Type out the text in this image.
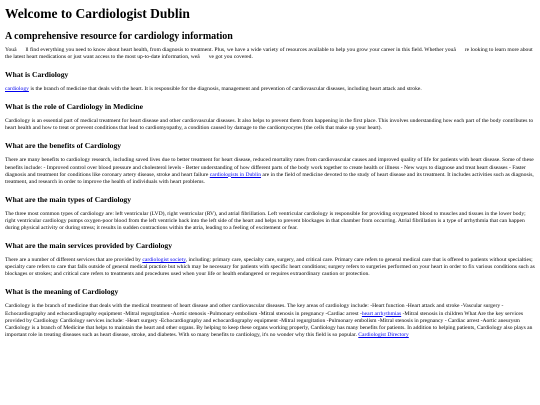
Welcome to Cardiologist Dublin
A comprehensive resource for cardiology information

Youâll find everything you need to know about heart health, from diagnosis to treatment. Plus, we have a wide variety of resources available to help you grow your career in this field. Whether youâre looking to learn more about the latest heart medications or just want access to the most up-to-date information, weâve got you covered.

What is Cardiology

cardiology is the branch of medicine that deals with the heart. It is responsible for the diagnosis, management and prevention of cardiovascular diseases, including heart attack and stroke.

What is the role of Cardiology in Medicine

Cardiology is an essential part of medical treatment for heart disease and other cardiovascular diseases. It also helps to prevent them from happening in the first place. This involves understanding how each part of the body contributes to heart health and how to treat or prevent conditions that lead to cardiomyopathy, a condition caused by damage to the cardiomyocytes (the cells that make up your heart).

What are the benefits of Cardiology

There are many benefits to cardiology research, including saved lives due to better treatment for heart disease, reduced mortality rates from cardiovascular causes and improved quality of life for patients with heart disease. Some of these benefits include: - Improved control over blood pressure and cholesterol levels - Better understanding of how different parts of the body work together to create health or illness - New ways to diagnose and treat heart diseases - Faster diagnosis and treatment for conditions like coronary artery disease, stroke and heart failure cardiologists in Dublin are in the field of medicine devoted to the study of heart disease and its treatment. It includes activities such as diagnosis, treatment, and research in order to improve the health of individuals with heart problems.

What are the main types of Cardiology

The three most common types of cardiology are: left ventricular (LVD), right ventricular (RV), and atrial fibrillation. Left ventricular cardiology is responsible for providing oxygenated blood to muscles and tissues in the lower body; right ventricular cardiology pumps oxygen-poor blood from the left ventricle back into the left side of the heart and helps to prevent blockages in that chamber from occurring. Atrial fibrillation is a type of arrhythmia that can happen during physical activity or during stress; it results in sudden contractions within the atria, leading to a feeling of excitement or fear.

What are the main services provided by Cardiology

There are a number of different services that are provided by cardiologist society, including: primary care, specialty care, surgery, and critical care. Primary care refers to general medical care that is offered to patients without specialties; specialty care refers to care that falls outside of general medical practice but which may be necessary for patients with specific heart conditions; surgery refers to surgeries performed on your heart in order to fix various conditions such as blockages or strokes; and critical care refers to treatments and procedures used when your life or health endangered or requires extraordinary caution or protection.

What is the meaning of Cardiology

Cardiology is the branch of medicine that deals with the medical treatment of heart disease and other cardiovascular diseases. The key areas of cardiology include: -Heart function -Heart attack and stroke -Vascular surgery -Echocardiography and echocardiography equipment -Mitral regurgitation -Aortic stenosis -Pulmonary embolism -Mitral stenosis in pregnancy -Cardiac arrest -heart arrhythmias -Mitral stenosis in children What Are the key services provided by Cardiology Cardiology services include: -Heart surgery -Echocardiography and echocardiography equipment -Mitral regurgitation -Pulmonary embolism -Mitral stenosis in pregnancy - Cardiac arrest -Aortic aneurysm Cardiology is a branch of Medicine that helps to maintain the heart and other organs. By helping to keep these organs working properly, Cardiology has many benefits for patients. In addition to helping patients, Cardiology also plays an important role in treating diseases such as heart disease, stroke, and diabetes. With so many benefits to cardiology, it's no wonder why this field is so popular. Cardiologist Directory
